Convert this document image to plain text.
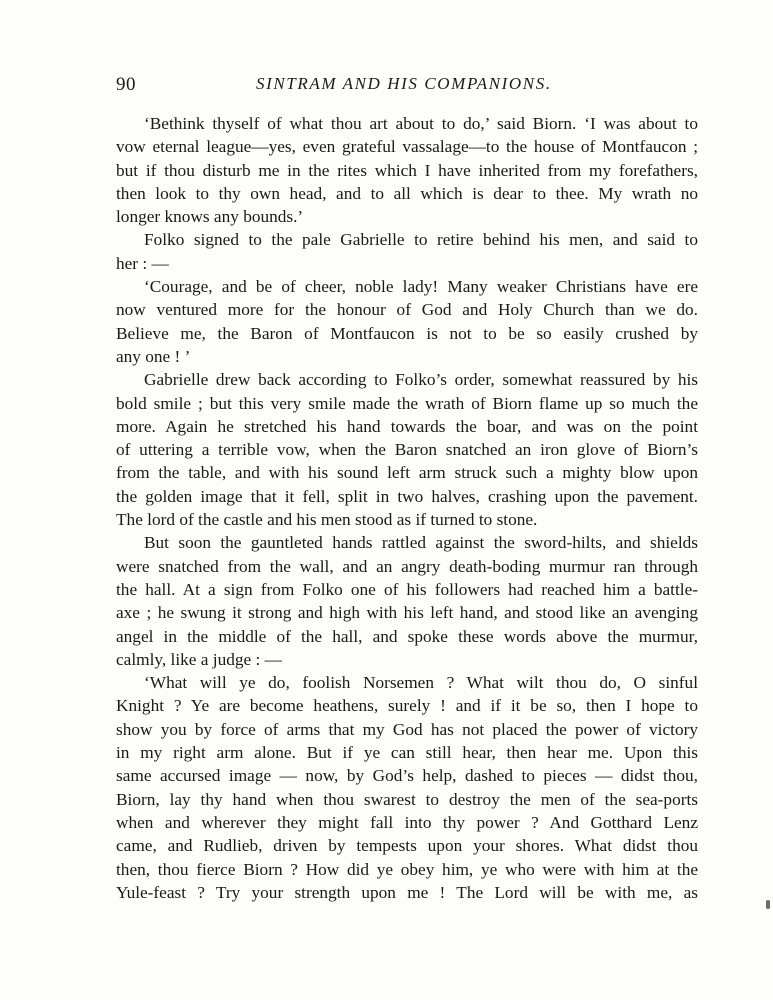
90	SINTRAM AND HIS COMPANIONS.
‘Bethink thyself of what thou art about to do,’ said Biorn. ‘I was about to
vow eternal league—yes, even grateful vassalage—to the house of Montfaucon ;
but if thou disturb me in the rites which I have inherited from my forefathers,
then look to thy own head, and to all which is dear to thee. My wrath no
longer knows any bounds.’
Folko signed to the pale Gabrielle to retire behind his men, and said to
her : —
‘Courage, and be of cheer, noble lady! Many weaker Christians have ere
now ventured more for the honour of God and Holy Church than we do.
Believe me, the Baron of Montfaucon is not to be so easily crushed by
any one ! ’
Gabrielle drew back according to Folko’s order, somewhat reassured by his
bold smile ; but this very smile made the wrath of Biorn flame up so much the
more. Again he stretched his hand towards the boar, and was on the point
of uttering a terrible vow, when the Baron snatched an iron glove of Biorn’s
from the table, and with his sound left arm struck such a mighty blow upon
the golden image that it fell, split in two halves, crashing upon the pavement.
The lord of the castle and his men stood as if turned to stone.
But soon the gauntleted hands rattled against the sword-hilts, and shields
were snatched from the wall, and an angry death-boding murmur ran through
the hall. At a sign from Folko one of his followers had reached him a battle-
axe ; he swung it strong and high with his left hand, and stood like an avenging
angel in the middle of the hall, and spoke these words above the murmur,
calmly, like a judge : —
‘What will ye do, foolish Norsemen ? What wilt thou do, O sinful
Knight ? Ye are become heathens, surely ! and if it be so, then I hope to
show you by force of arms that my God has not placed the power of victory
in my right arm alone. But if ye can still hear, then hear me. Upon this
same accursed image — now, by God’s help, dashed to pieces — didst thou,
Biorn, lay thy hand when thou swarest to destroy the men of the sea-ports
when and wherever they might fall into thy power ? And Gotthard Lenz
came, and Rudlieb, driven by tempests upon your shores. What didst thou
then, thou fierce Biorn ? How did ye obey him, ye who were with him at the
Yule-feast ? Try your strength upon me ! The Lord will be with me, as
